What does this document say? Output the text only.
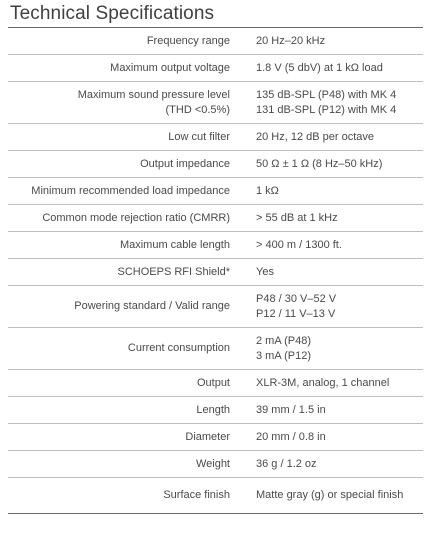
Technical Specifications
Frequency range 20 Hz–20 kHz
Maximum output voltage 1.8 V (5 dbV) at 1 kΩ load
Maximum sound pressure level
(THD <0.5%)
135 dB-SPL (P48) with MK 4
131 dB-SPL (P12) with MK 4
Low cut filter 20 Hz, 12 dB per octave
Output impedance 50 Ω ± 1 Ω (8 Hz–50 kHz)
Minimum recommended load impedance 1 kΩ
Common mode rejection ratio (CMRR) > 55 dB at 1 kHz
Maximum cable length > 400 m / 1300 ft.
SCHOEPS RFI Shield* Yes
Powering standard / Valid range
P48 / 30 V–52 V
P12 / 11 V–13 V
Current consumption
2 mA (P48)
3 mA (P12)
Output XLR-3M, analog, 1 channel
Length 39 mm / 1.5 in
Diameter 20 mm / 0.8 in
Weight 36 g / 1.2 oz
Surface finish Matte gray (g) or special finish
